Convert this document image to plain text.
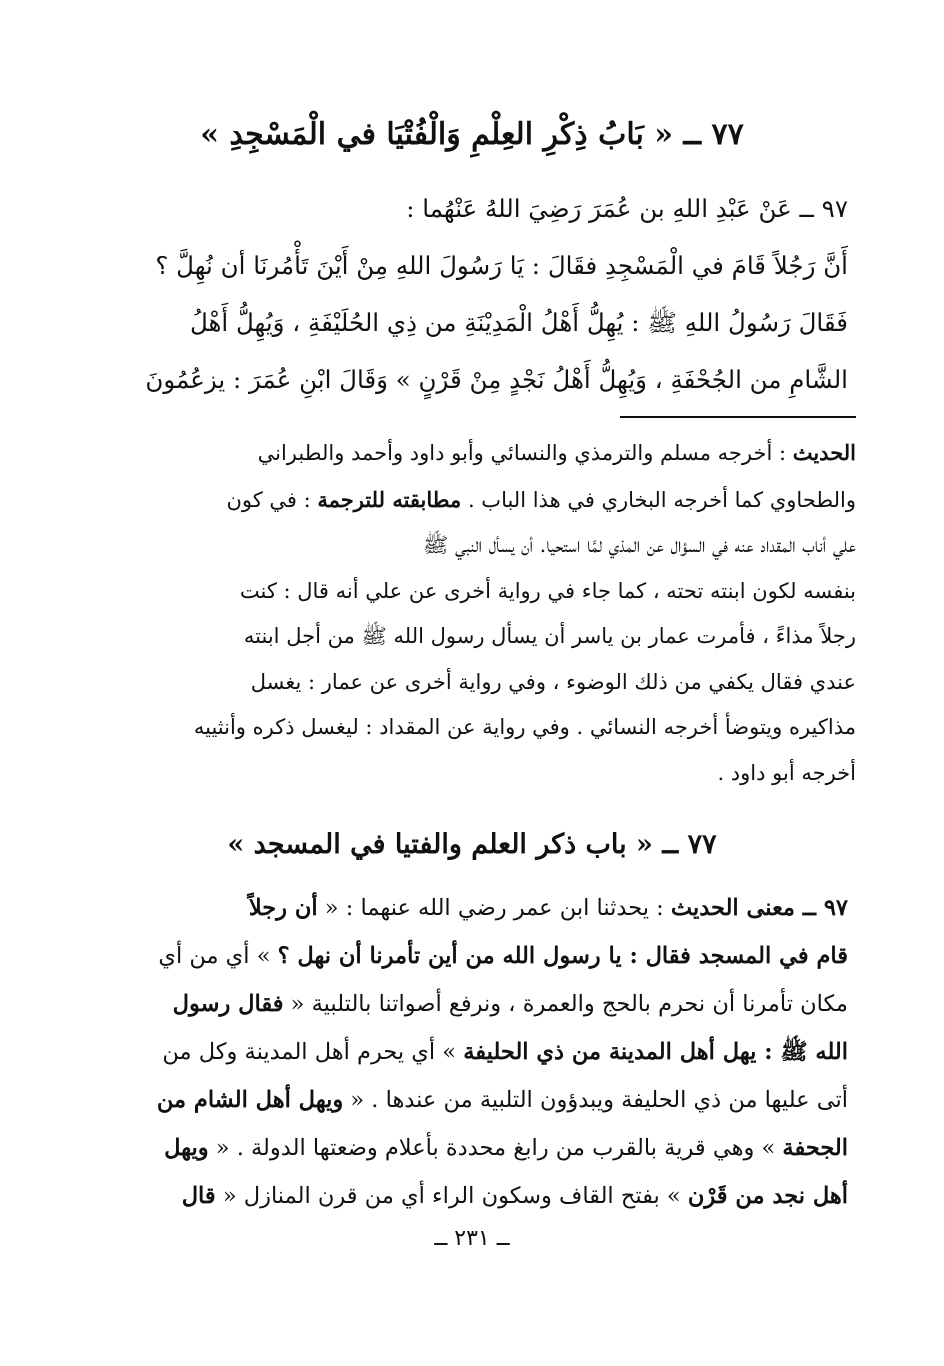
٧٧ ــ « بَابُ ذِكْرِ العِلْمِ وَالْفُتْيَا في الْمَسْجِدِ »
٩٧ ــ عَنْ عَبْدِ اللهِ بن عُمَرَ رَضِيَ اللهُ عَنْهُما :
أَنَّ رَجُلاً قَامَ في الْمَسْجِدِ فقَالَ : يَا رَسُولَ اللهِ مِنْ أَيْنَ تَأْمُرنَا أن نُهِلَّ ؟
فَقَالَ رَسُولُ اللهِ ﷺ : يُهِلُّ أَهْلُ الْمَدِيْنَةِ من ذِي الحُلَيْفَةِ ، وَيُهِلُّ أَهْلُ
الشَّامِ من الجُحْفَةِ ، وَيُهِلُّ أَهْلُ نَجْدٍ مِنْ قَرْنٍ » وَقَالَ ابْنِ عُمَرَ : يزعُمُونَ
الحديث : أخرجه مسلم والترمذي والنسائي وأبو داود وأحمد والطبراني
والطحاوي كما أخرجه البخاري في هذا الباب . مطابقته للترجمة : في كون
علي أناب المقداد عنه في السؤال عن المذي لمَّا استحيا. أن يسأل النبي ﷺ
بنفسه لكون ابنته تحته ، كما جاء في رواية أخرى عن علي أنه قال : كنت
رجلاً مذاءً ، فأمرت عمار بن ياسر أن يسأل رسول الله ﷺ من أجل ابنته
عندي فقال يكفي من ذلك الوضوء ، وفي رواية أخرى عن عمار : يغسل
مذاكيره ويتوضأ أخرجه النسائي . وفي رواية عن المقداد : ليغسل ذكره وأنثييه
أخرجه أبو داود .
٧٧ ــ « باب ذكر العلم والفتيا في المسجد »
٩٧ ــ معنى الحديث : يحدثنا ابن عمر رضي الله عنهما : « أن رجلاً
قام في المسجد فقال : يا رسول الله من أين تأمرنا أن نهل ؟ » أي من أي
مكان تأمرنا أن نحرم بالحج والعمرة ، ونرفع أصواتنا بالتلبية « فقال رسول
الله ﷺ : يهل أهل المدينة من ذي الحليفة » أي يحرم أهل المدينة وكل من
أتى عليها من ذي الحليفة ويبدؤون التلبية من عندها . « ويهل أهل الشام من
الجحفة » وهي قرية بالقرب من رابغ محددة بأعلام وضعتها الدولة . « ويهل
أهل نجد من قَرْن » بفتح القاف وسكون الراء أي من قرن المنازل « قال
ــ ٢٣١ ــ
